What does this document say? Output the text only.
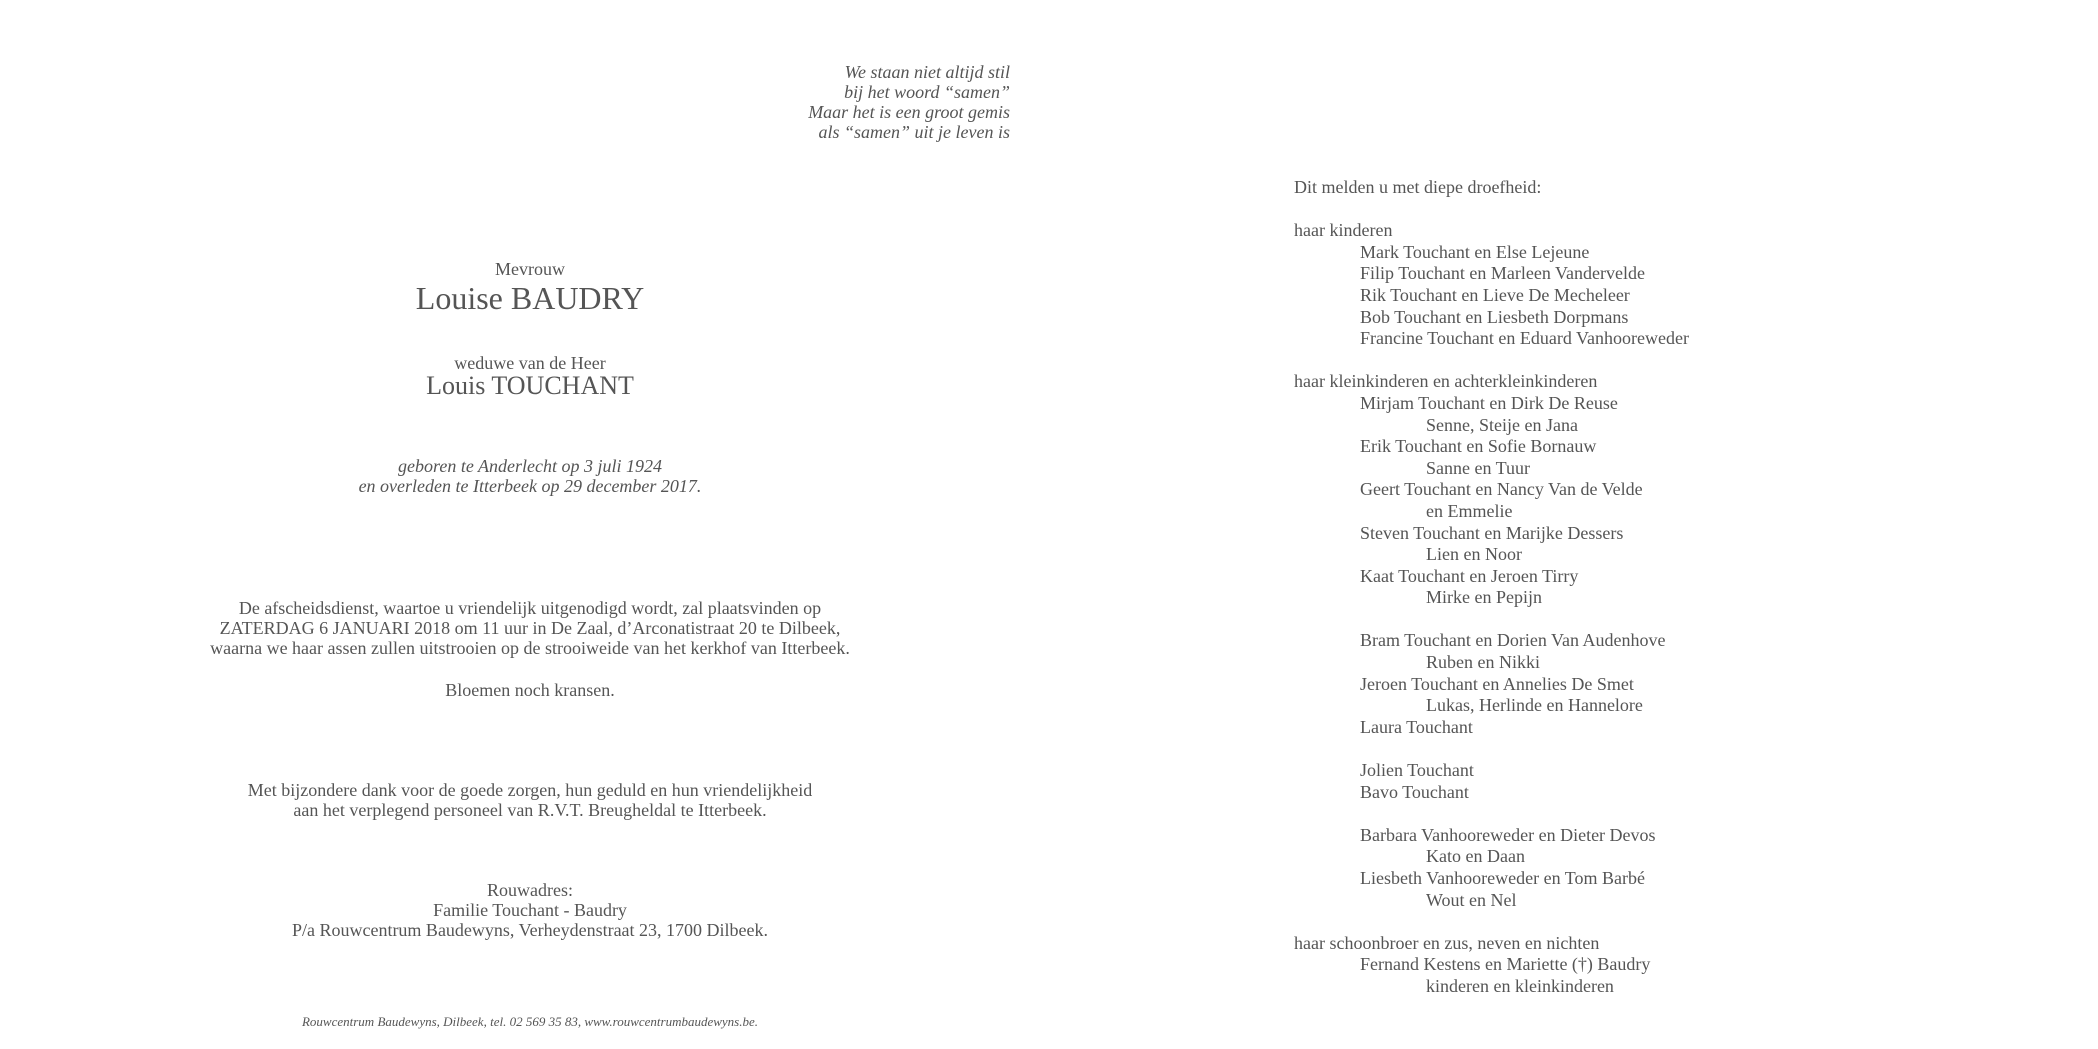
We staan niet altijd stil
bij het woord “samen”
Maar het is een groot gemis
als “samen” uit je leven is
Mevrouw
Louise BAUDRY
weduwe van de Heer
Louis TOUCHANT
geboren te Anderlecht op 3 juli 1924
en overleden te Itterbeek op 29 december 2017.
De afscheidsdienst, waartoe u vriendelijk uitgenodigd wordt, zal plaatsvinden op
ZATERDAG 6 JANUARI 2018 om 11 uur in De Zaal, d’Arconatistraat 20 te Dilbeek,
waarna we haar assen zullen uitstrooien op de strooiweide van het kerkhof van Itterbeek.
Bloemen noch kransen.
Met bijzondere dank voor de goede zorgen, hun geduld en hun vriendelijkheid
aan het verplegend personeel van R.V.T. Breugheldal te Itterbeek.
Rouwadres:
Familie Touchant - Baudry
P/a Rouwcentrum Baudewyns, Verheydenstraat 23, 1700 Dilbeek.
Rouwcentrum Baudewyns, Dilbeek, tel. 02 569 35 83, www.rouwcentrumbaudewyns.be.
Dit melden u met diepe droefheid:
haar kinderen
Mark Touchant en Else Lejeune
Filip Touchant en Marleen Vandervelde
Rik Touchant en Lieve De Mecheleer
Bob Touchant en Liesbeth Dorpmans
Francine Touchant en Eduard Vanhooreweder
haar kleinkinderen en achterkleinkinderen
Mirjam Touchant en Dirk De Reuse
Senne, Steije en Jana
Erik Touchant en Sofie Bornauw
Sanne en Tuur
Geert Touchant en Nancy Van de Velde
en Emmelie
Steven Touchant en Marijke Dessers
Lien en Noor
Kaat Touchant en Jeroen Tirry
Mirke en Pepijn
Bram Touchant en Dorien Van Audenhove
Ruben en Nikki
Jeroen Touchant en Annelies De Smet
Lukas, Herlinde en Hannelore
Laura Touchant
Jolien Touchant
Bavo Touchant
Barbara Vanhooreweder en Dieter Devos
Kato en Daan
Liesbeth Vanhooreweder en Tom Barbé
Wout en Nel
haar schoonbroer en zus, neven en nichten
Fernand Kestens en Mariette (†) Baudry
kinderen en kleinkinderen
